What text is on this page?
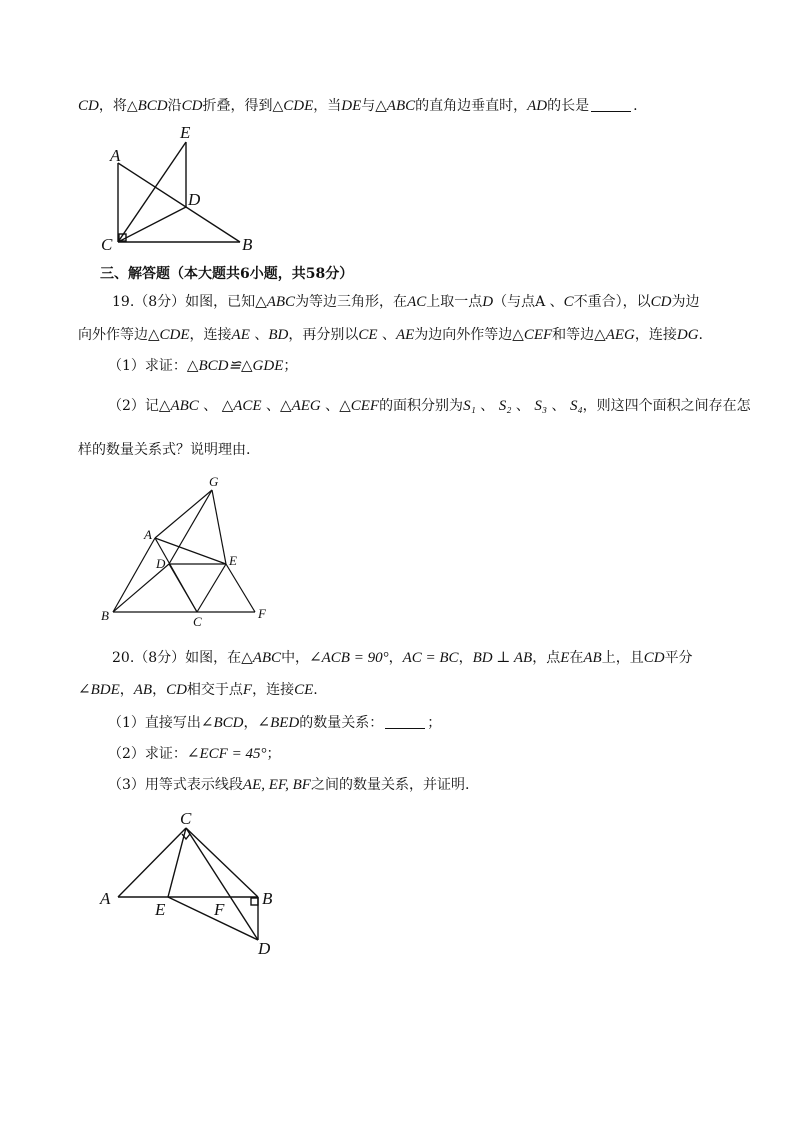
CD，将△BCD沿CD折叠，得到△CDE，当DE与△ABC的直角边垂直时，AD的长是	.
E
A
D
C	B
三、解答题（本大题共6小题，共58分）
19.（8分）如图，已知△ABC为等边三角形，在AC上取一点D（与点A 、C不重合），以CD为边
向外作等边△CDE，连接AE 、BD，再分别以CE 、AE为边向外作等边△CEF和等边△AEG，连接DG.
（1）求证：△BCD≌△GDE；
（2）记△ABC 、 △ACE 、△AEG 、△CEF的面积分别为S₁ 、 S₂ 、 S₃ 、 S₄，则这四个面积之间存在怎
样的数量关系式？说明理由.
G
A
D	E
B	C
F
20.（8分）如图，在△ABC中，∠ACB = 90°，AC = BC，BD ⊥ AB，点E在AB上，且CD平分
∠BDE，AB，CD相交于点F，连接CE.
（1）直接写出∠BCD，∠BED的数量关系：	；
（2）求证：∠ECF = 45°；
（3）用等式表示线段AE, EF, BF之间的数量关系，并证明.
C
A
E	F
B
D
